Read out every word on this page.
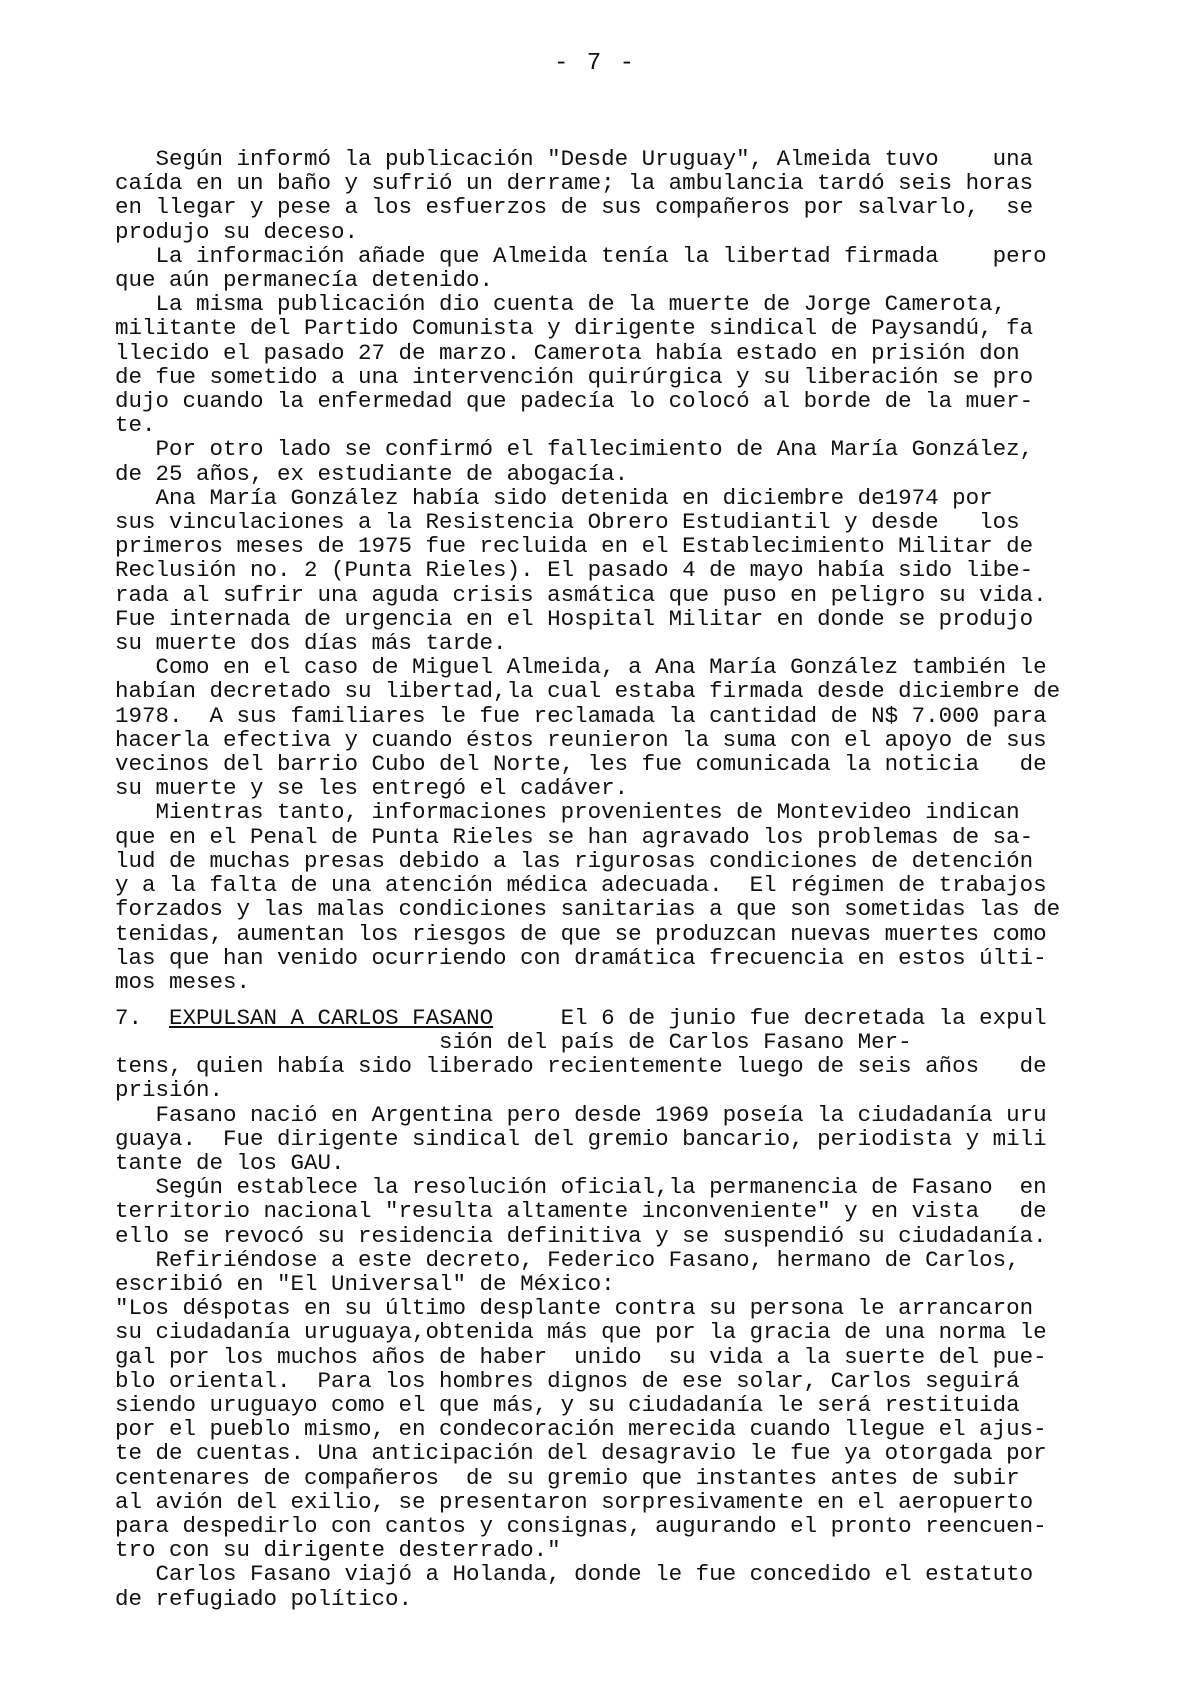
- 7 -
Según informó la publicación "Desde Uruguay", Almeida tuvo    una
caída en un baño y sufrió un derrame; la ambulancia tardó seis horas
en llegar y pese a los esfuerzos de sus compañeros por salvarlo,  se
produjo su deceso.
La información añade que Almeida tenía la libertad firmada    pero
que aún permanecía detenido.
La misma publicación dio cuenta de la muerte de Jorge Camerota,
militante del Partido Comunista y dirigente sindical de Paysandú, fa
llecido el pasado 27 de marzo. Camerota había estado en prisión don
de fue sometido a una intervención quirúrgica y su liberación se pro
dujo cuando la enfermedad que padecía lo colocó al borde de la muer-
te.
Por otro lado se confirmó el fallecimiento de Ana María González,
de 25 años, ex estudiante de abogacía.
Ana María González había sido detenida en diciembre de1974 por
sus vinculaciones a la Resistencia Obrero Estudiantil y desde   los
primeros meses de 1975 fue recluida en el Establecimiento Militar de
Reclusión no. 2 (Punta Rieles). El pasado 4 de mayo había sido libe-
rada al sufrir una aguda crisis asmática que puso en peligro su vida.
Fue internada de urgencia en el Hospital Militar en donde se produjo
su muerte dos días más tarde.
Como en el caso de Miguel Almeida, a Ana María González también le
habían decretado su libertad,la cual estaba firmada desde diciembre de
1978.  A sus familiares le fue reclamada la cantidad de N$ 7.000 para
hacerla efectiva y cuando éstos reunieron la suma con el apoyo de sus
vecinos del barrio Cubo del Norte, les fue comunicada la noticia   de
su muerte y se les entregó el cadáver.
Mientras tanto, informaciones provenientes de Montevideo indican
que en el Penal de Punta Rieles se han agravado los problemas de sa-
lud de muchas presas debido a las rigurosas condiciones de detención
y a la falta de una atención médica adecuada.  El régimen de trabajos
forzados y las malas condiciones sanitarias a que son sometidas las de
tenidas, aumentan los riesgos de que se produzcan nuevas muertes como
las que han venido ocurriendo con dramática frecuencia en estos últi-
mos meses.
7. EXPULSAN A CARLOS FASANO	El 6 de junio fue decretada la expul
sión del país de Carlos Fasano Mer-
tens, quien había sido liberado recientemente luego de seis años   de
prisión.
Fasano nació en Argentina pero desde 1969 poseía la ciudadanía uru
guaya.  Fue dirigente sindical del gremio bancario, periodista y mili
tante de los GAU.
Según establece la resolución oficial,la permanencia de Fasano  en
territorio nacional "resulta altamente inconveniente" y en vista   de
ello se revocó su residencia definitiva y se suspendió su ciudadanía.
Refiriéndose a este decreto, Federico Fasano, hermano de Carlos,
escribió en "El Universal" de México:
"Los déspotas en su último desplante contra su persona le arrancaron
su ciudadanía uruguaya,obtenida más que por la gracia de una norma le
gal por los muchos años de haber  unido  su vida a la suerte del pue-
blo oriental.  Para los hombres dignos de ese solar, Carlos seguirá
siendo uruguayo como el que más, y su ciudadanía le será restituida
por el pueblo mismo, en condecoración merecida cuando llegue el ajus-
te de cuentas. Una anticipación del desagravio le fue ya otorgada por
centenares de compañeros  de su gremio que instantes antes de subir
al avión del exilio, se presentaron sorpresivamente en el aeropuerto
para despedirlo con cantos y consignas, augurando el pronto reencuen-
tro con su dirigente desterrado."
Carlos Fasano viajó a Holanda, donde le fue concedido el estatuto
de refugiado político.
